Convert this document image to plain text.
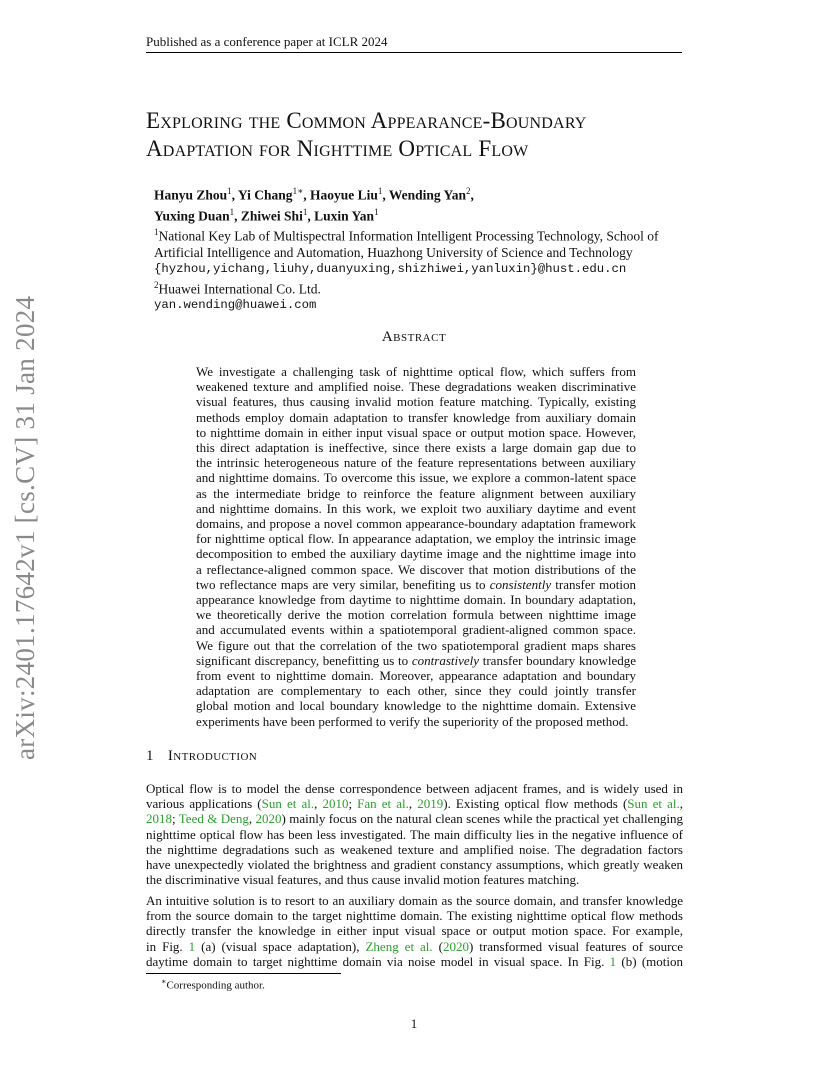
Published as a conference paper at ICLR 2024
Exploring the Common Appearance-Boundary
Adaptation for Nighttime Optical Flow
Hanyu Zhou$^1$, Yi Chang$^{1∗}$, Haoyue Liu$^1$, Wending Yan$^2$,
Yuxing Duan$^1$, Zhiwei Shi$^1$, Luxin Yan$^1$
$^1$National Key Lab of Multispectral Information Intelligent Processing Technology, School of
Artificial Intelligence and Automation, Huazhong University of Science and Technology
{hyzhou,yichang,liuhy,duanyuxing,shizhiwei,yanluxin}@hust.edu.cn
$^2$Huawei International Co. Ltd.
yan.wending@huawei.com
arXiv:2401.17642v1 [cs.CV] 31 Jan 2024	Abstract
We investigate a challenging task of nighttime optical flow, which suffers from
weakened texture and amplified noise. These degradations weaken discriminative
visual features, thus causing invalid motion feature matching. Typically, existing
methods employ domain adaptation to transfer knowledge from auxiliary domain
to nighttime domain in either input visual space or output motion space. However,
this direct adaptation is ineffective, since there exists a large domain gap due to
the intrinsic heterogeneous nature of the feature representations between auxiliary
and nighttime domains. To overcome this issue, we explore a common-latent space
as the intermediate bridge to reinforce the feature alignment between auxiliary
and nighttime domains. In this work, we exploit two auxiliary daytime and event
domains, and propose a novel common appearance-boundary adaptation framework
for nighttime optical flow. In appearance adaptation, we employ the intrinsic image
decomposition to embed the auxiliary daytime image and the nighttime image into
a reflectance-aligned common space. We discover that motion distributions of the
two reflectance maps are very similar, benefiting us to consistently transfer motion
appearance knowledge from daytime to nighttime domain. In boundary adaptation,
we theoretically derive the motion correlation formula between nighttime image
and accumulated events within a spatiotemporal gradient-aligned common space.
We figure out that the correlation of the two spatiotemporal gradient maps shares
significant discrepancy, benefitting us to contrastively transfer boundary knowledge
from event to nighttime domain. Moreover, appearance adaptation and boundary
adaptation are complementary to each other, since they could jointly transfer
global motion and local boundary knowledge to the nighttime domain. Extensive
experiments have been performed to verify the superiority of the proposed method.
1 Introduction
Optical flow is to model the dense correspondence between adjacent frames, and is widely used in
various applications (Sun et al., 2010; Fan et al., 2019). Existing optical flow methods (Sun et al.,
2018; Teed & Deng, 2020) mainly focus on the natural clean scenes while the practical yet challenging
nighttime optical flow has been less investigated. The main difficulty lies in the negative influence of
the nighttime degradations such as weakened texture and amplified noise. The degradation factors
have unexpectedly violated the brightness and gradient constancy assumptions, which greatly weaken
the discriminative visual features, and thus cause invalid motion features matching.
An intuitive solution is to resort to an auxiliary domain as the source domain, and transfer knowledge
from the source domain to the target nighttime domain. The existing nighttime optical flow methods
directly transfer the knowledge in either input visual space or output motion space. For example,
in Fig. 1 (a) (visual space adaptation), Zheng et al. (2020) transformed visual features of source
daytime domain to target nighttime domain via noise model in visual space. In Fig. 1 (b) (motion
∗Corresponding author.
1
